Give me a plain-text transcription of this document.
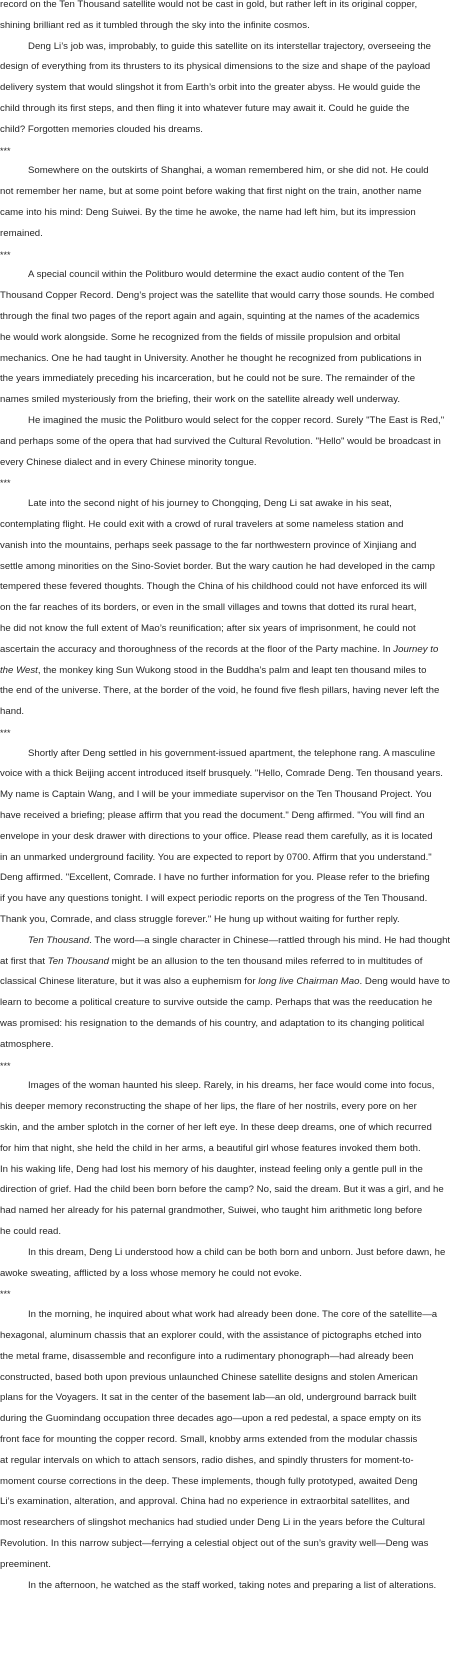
record on the Ten Thousand satellite would not be cast in gold, but rather left in its original copper,

shining brilliant red as it tumbled through the sky into the infinite cosmos.

Deng Li’s job was, improbably, to guide this satellite on its interstellar trajectory, overseeing the

design of everything from its thrusters to its physical dimensions to the size and shape of the payload

delivery system that would slingshot it from Earth’s orbit into the greater abyss. He would guide the

child through its first steps, and then fling it into whatever future may await it. Could he guide the

child? Forgotten memories clouded his dreams.

***

Somewhere on the outskirts of Shanghai, a woman remembered him, or she did not. He could

not remember her name, but at some point before waking that first night on the train, another name

came into his mind: Deng Suiwei. By the time he awoke, the name had left him, but its impression

remained.

***

A special council within the Politburo would determine the exact audio content of the Ten

Thousand Copper Record. Deng’s project was the satellite that would carry those sounds. He combed

through the final two pages of the report again and again, squinting at the names of the academics

he would work alongside. Some he recognized from the fields of missile propulsion and orbital

mechanics. One he had taught in University. Another he thought he recognized from publications in

the years immediately preceding his incarceration, but he could not be sure. The remainder of the

names smiled mysteriously from the briefing, their work on the satellite already well underway.

He imagined the music the Politburo would select for the copper record. Surely "The East is Red,"

and perhaps some of the opera that had survived the Cultural Revolution. "Hello" would be broadcast in

every Chinese dialect and in every Chinese minority tongue.

***

Late into the second night of his journey to Chongqing, Deng Li sat awake in his seat,

contemplating flight. He could exit with a crowd of rural travelers at some nameless station and

vanish into the mountains, perhaps seek passage to the far northwestern province of Xinjiang and

settle among minorities on the Sino-Soviet border. But the wary caution he had developed in the camp

tempered these fevered thoughts. Though the China of his childhood could not have enforced its will

on the far reaches of its borders, or even in the small villages and towns that dotted its rural heart,

he did not know the full extent of Mao’s reunification; after six years of imprisonment, he could not

ascertain the accuracy and thoroughness of the records at the floor of the Party machine. In Journey to

the West, the monkey king Sun Wukong stood in the Buddha’s palm and leapt ten thousand miles to

the end of the universe. There, at the border of the void, he found five flesh pillars, having never left the

hand.

***

Shortly after Deng settled in his government-issued apartment, the telephone rang. A masculine

voice with a thick Beijing accent introduced itself brusquely. "Hello, Comrade Deng. Ten thousand years.

My name is Captain Wang, and I will be your immediate supervisor on the Ten Thousand Project. You

have received a briefing; please affirm that you read the document." Deng affirmed. "You will find an

envelope in your desk drawer with directions to your office. Please read them carefully, as it is located

in an unmarked underground facility. You are expected to report by 0700. Affirm that you understand."

Deng affirmed. "Excellent, Comrade. I have no further information for you. Please refer to the briefing

if you have any questions tonight. I will expect periodic reports on the progress of the Ten Thousand.

Thank you, Comrade, and class struggle forever." He hung up without waiting for further reply.

Ten Thousand. The word—a single character in Chinese—rattled through his mind. He had thought

at first that Ten Thousand might be an allusion to the ten thousand miles referred to in multitudes of

classical Chinese literature, but it was also a euphemism for long live Chairman Mao. Deng would have to

learn to become a political creature to survive outside the camp. Perhaps that was the reeducation he

was promised: his resignation to the demands of his country, and adaptation to its changing political

atmosphere.

***

Images of the woman haunted his sleep. Rarely, in his dreams, her face would come into focus,

his deeper memory reconstructing the shape of her lips, the flare of her nostrils, every pore on her

skin, and the amber splotch in the corner of her left eye. In these deep dreams, one of which recurred

for him that night, she held the child in her arms, a beautiful girl whose features invoked them both.

In his waking life, Deng had lost his memory of his daughter, instead feeling only a gentle pull in the

direction of grief. Had the child been born before the camp? No, said the dream. But it was a girl, and he

had named her already for his paternal grandmother, Suiwei, who taught him arithmetic long before

he could read.

In this dream, Deng Li understood how a child can be both born and unborn. Just before dawn, he

awoke sweating, afflicted by a loss whose memory he could not evoke.

***

In the morning, he inquired about what work had already been done. The core of the satellite—a

hexagonal, aluminum chassis that an explorer could, with the assistance of pictographs etched into

the metal frame, disassemble and reconfigure into a rudimentary phonograph—had already been

constructed, based both upon previous unlaunched Chinese satellite designs and stolen American

plans for the Voyagers. It sat in the center of the basement lab—an old, underground barrack built

during the Guomindang occupation three decades ago—upon a red pedestal, a space empty on its

front face for mounting the copper record. Small, knobby arms extended from the modular chassis

at regular intervals on which to attach sensors, radio dishes, and spindly thrusters for moment-to-

moment course corrections in the deep. These implements, though fully prototyped, awaited Deng

Li’s examination, alteration, and approval. China had no experience in extraorbital satellites, and

most researchers of slingshot mechanics had studied under Deng Li in the years before the Cultural

Revolution. In this narrow subject—ferrying a celestial object out of the sun’s gravity well—Deng was

preeminent.

In the afternoon, he watched as the staff worked, taking notes and preparing a list of alterations.
